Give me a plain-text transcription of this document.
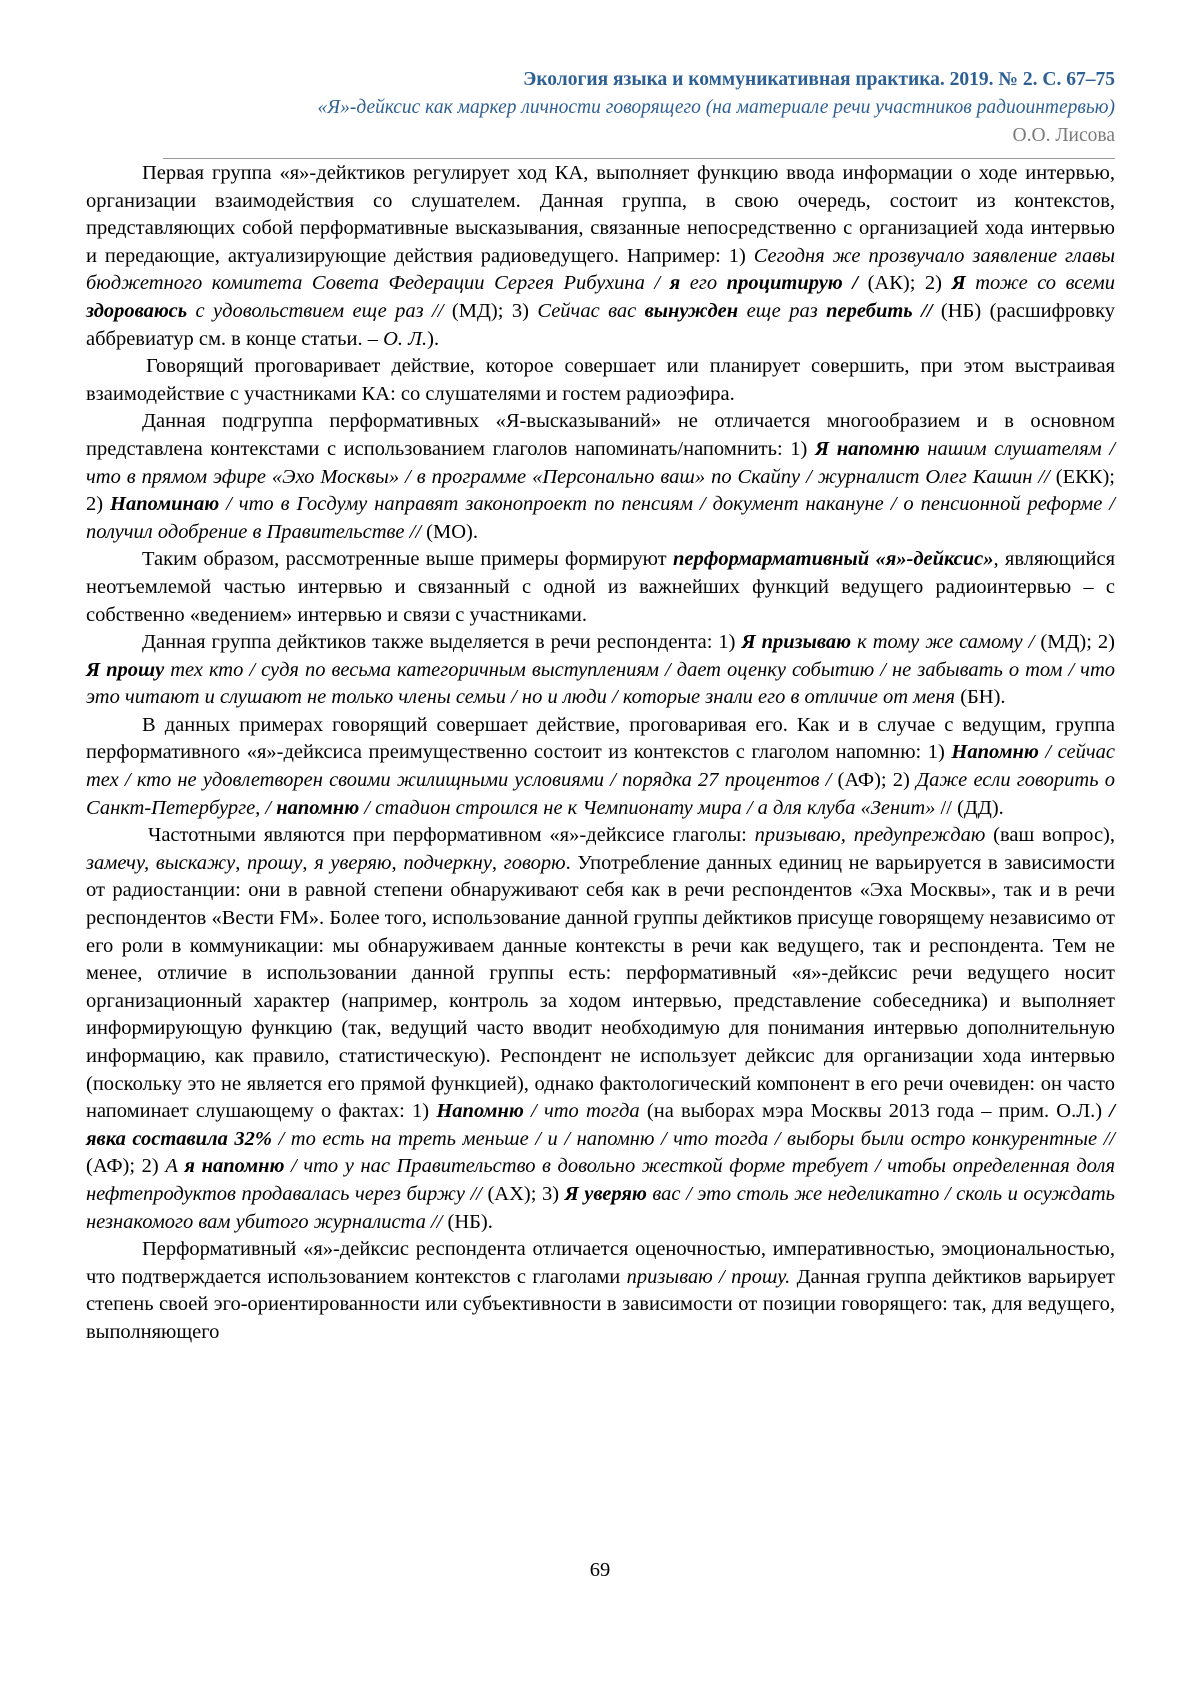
Экология языка и коммуникативная практика. 2019. № 2. С. 67–75
«Я»-дейксис как маркер личности говорящего (на материале речи участников радиоинтервью)
О.О. Лисова

Первая группа «я»-дейктиков регулирует ход КА, выполняет функцию ввода информации о ходе интервью, организации взаимодействия со слушателем. Данная группа, в свою очередь, состоит из контекстов, представляющих собой перформативные высказывания, связанные непосредственно с организацией хода интервью и передающие, актуализирующие действия радиоведущего. Например: 1) Сегодня же прозвучало заявление главы бюджетного комитета Совета Федерации Сергея Рибухина / я его процитирую / (АК); 2) Я тоже со всеми здороваюсь с удовольствием еще раз // (МД); 3) Сейчас вас вынужден еще раз перебить // (НБ) (расшифровку аббревиатур см. в конце статьи. – О. Л.).

Говорящий проговаривает действие, которое совершает или планирует совершить, при этом выстраивая взаимодействие с участниками КА: со слушателями и гостем радиоэфира.

Данная подгруппа перформативных «Я-высказываний» не отличается многообразием и в основном представлена контекстами с использованием глаголов напоминать/напомнить: 1) Я напомню нашим слушателям / что в прямом эфире «Эхо Москвы» / в программе «Персонально ваш» по Скайпу / журналист Олег Кашин // (ЕКК); 2) Напоминаю / что в Госдуму направят законопроект по пенсиям / документ накануне / о пенсионной реформе / получил одобрение в Правительстве // (МО).

Таким образом, рассмотренные выше примеры формируют перформармативный «я»-дейксис», являющийся неотъемлемой частью интервью и связанный с одной из важнейших функций ведущего радиоинтервью – с собственно «ведением» интервью и связи с участниками.

Данная группа дейктиков также выделяется в речи респондента: 1) Я призываю к тому же самому / (МД); 2) Я прошу тех кто / судя по весьма категоричным выступлениям / дает оценку событию / не забывать о том / что это читают и слушают не только члены семьи / но и люди / которые знали его в отличие от меня (БН).

В данных примерах говорящий совершает действие, проговаривая его. Как и в случае с ведущим, группа перформативного «я»-дейксиса преимущественно состоит из контекстов с глаголом напомню: 1) Напомню / сейчас тех / кто не удовлетворен своими жилищными условиями / порядка 27 процентов / (АФ); 2) Даже если говорить о Санкт-Петербурге, / напомню / стадион строился не к Чемпионату мира / а для клуба «Зенит» // (ДД).

Частотными являются при перформативном «я»-дейксисе глаголы: призываю, предупреждаю (ваш вопрос), замечу, выскажу, прошу, я уверяю, подчеркну, говорю. Употребление данных единиц не варьируется в зависимости от радиостанции: они в равной степени обнаруживают себя как в речи респондентов «Эха Москвы», так и в речи респондентов «Вести FM». Более того, использование данной группы дейктиков присуще говорящему независимо от его роли в коммуникации: мы обнаруживаем данные контексты в речи как ведущего, так и респондента. Тем не менее, отличие в использовании данной группы есть: перформативный «я»-дейксис речи ведущего носит организационный характер (например, контроль за ходом интервью, представление собеседника) и выполняет информирующую функцию (так, ведущий часто вводит необходимую для понимания интервью дополнительную информацию, как правило, статистическую). Респондент не использует дейксис для организации хода интервью (поскольку это не является его прямой функцией), однако фактологический компонент в его речи очевиден: он часто напоминает слушающему о фактах: 1) Напомню / что тогда (на выборах мэра Москвы 2013 года – прим. О.Л.) / явка составила 32% / то есть на треть меньше / и / напомню / что тогда / выборы были остро конкурентные // (АФ); 2) А я напомню / что у нас Правительство в довольно жесткой форме требует / чтобы определенная доля нефтепродуктов продавалась через биржу // (АХ); 3) Я уверяю вас / это столь же неделикатно / сколь и осуждать незнакомого вам убитого журналиста // (НБ).

Перформативный «я»-дейксис респондента отличается оценочностью, императивностью, эмоциональностью, что подтверждается использованием контекстов с глаголами призываю / прошу. Данная группа дейктиков варьирует степень своей эго-ориентированности или субъективности в зависимости от позиции говорящего: так, для ведущего, выполняющего

69
